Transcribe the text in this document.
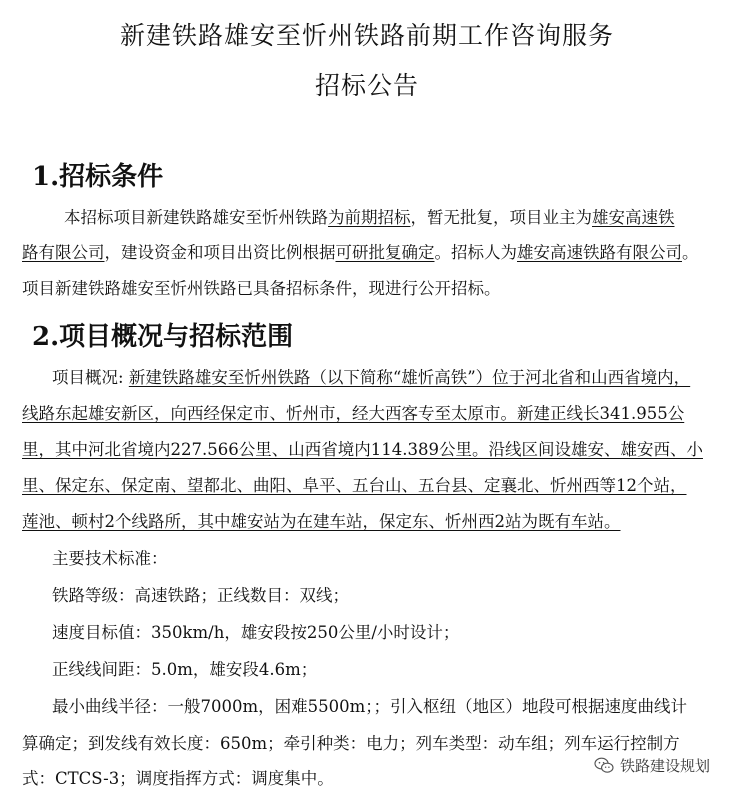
新建铁路雄安至忻州铁路前期工作咨询服务
招标公告
1.招标条件
2.项目概况与招标范围
本招标项目新建铁路雄安至忻州铁路为前期招标，暂无批复，项目业主为雄安高速铁
路有限公司，建设资金和项目出资比例根据可研批复确定。招标人为雄安高速铁路有限公司。
项目新建铁路雄安至忻州铁路已具备招标条件，现进行公开招标。
项目概况: 新建铁路雄安至忻州铁路（以下简称“雄忻高铁”）位于河北省和山西省境内，
线路东起雄安新区，向西经保定市、忻州市，经大西客专至太原市。新建正线长341.955公
里，其中河北省境内227.566公里、山西省境内114.389公里。沿线区间设雄安、雄安西、小
里、保定东、保定南、望都北、曲阳、阜平、五台山、五台县、定襄北、忻州西等12个站，
莲池、顿村2个线路所，其中雄安站为在建车站，保定东、忻州西2站为既有车站。
主要技术标准：
铁路等级：高速铁路；正线数目：双线；
速度目标值：350km/h，雄安段按250公里/小时设计；
正线线间距：5.0m，雄安段4.6m；
最小曲线半径：一般7000m，困难5500m；；引入枢纽（地区）地段可根据速度曲线计
算确定；到发线有效长度：650m；牵引种类：电力；列车类型：动车组；列车运行控制方
式：CTCS-3；调度指挥方式：调度集中。
铁路建设规划
